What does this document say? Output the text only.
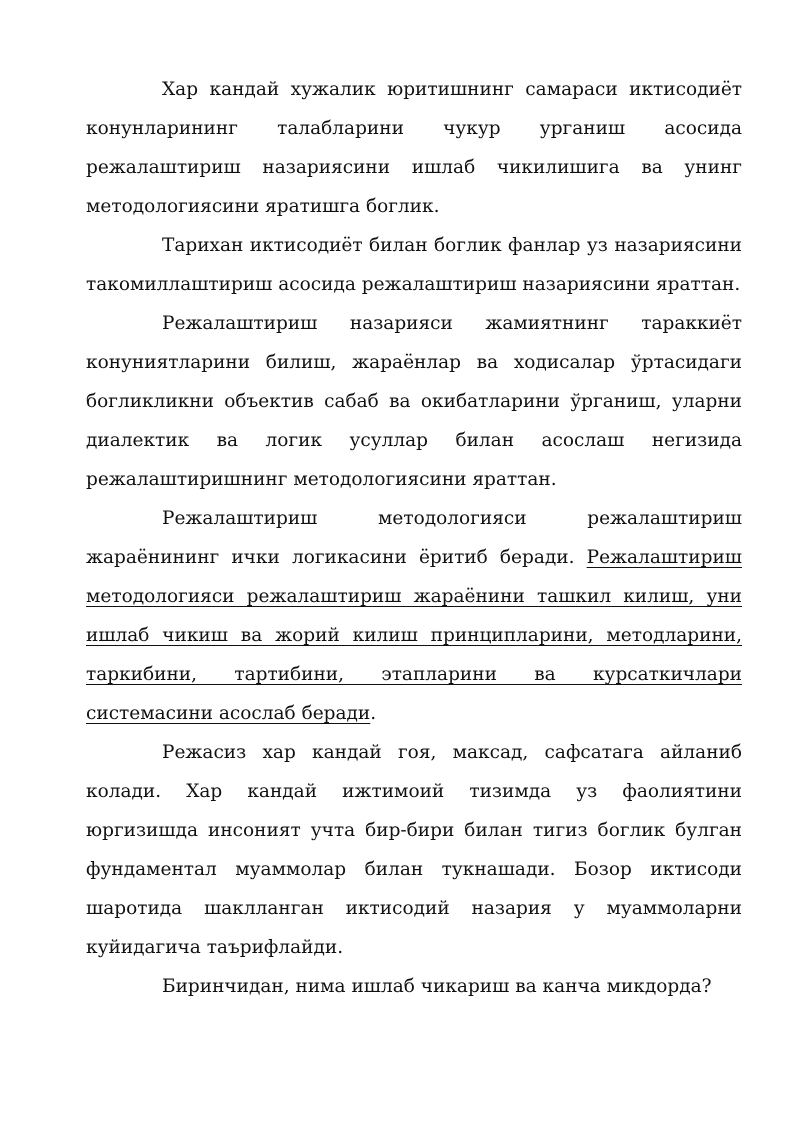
Хар кандай хужалик юритишнинг самараси иктисодиёт конунларининг талабларини чукур урганиш асосида режалаштириш назариясини ишлаб чикилишига ва унинг методологиясини яратишга боглик.

Тарихан иктисодиёт билан боглик фанлар уз назариясини такомиллаштириш асосида режалаштириш назариясини яраттан.

Режалаштириш назарияси жамиятнинг тараккиёт конуниятларини билиш, жараёнлар ва ходисалар ўртасидаги богликликни объектив сабаб ва окибатларини ўрганиш, уларни диалектик ва логик усуллар билан асослаш негизида режалаштиришнинг методологиясини яраттан.

Режалаштириш методологияси режалаштириш жараёнининг ички логикасини ёритиб беради. Режалаштириш методологияси режалаштириш жараёнини ташкил килиш, уни ишлаб чикиш ва жорий килиш принципларини, методларини, таркибини, тартибини, этапларини ва курсаткичлари системасини асослаб беради.

Режасиз хар кандай гоя, максад, сафсатага айланиб колади. Хар кандай ижтимоий тизимда уз фаолиятини юргизишда инсоният учта бир-бири билан тигиз боглик булган фундаментал муаммолар билан тукнашади. Бозор иктисоди шаротида шаклланган иктисодий назария у муаммоларни куйидагича таърифлайди.

Биринчидан, нима ишлаб чикариш ва канча микдорда?
